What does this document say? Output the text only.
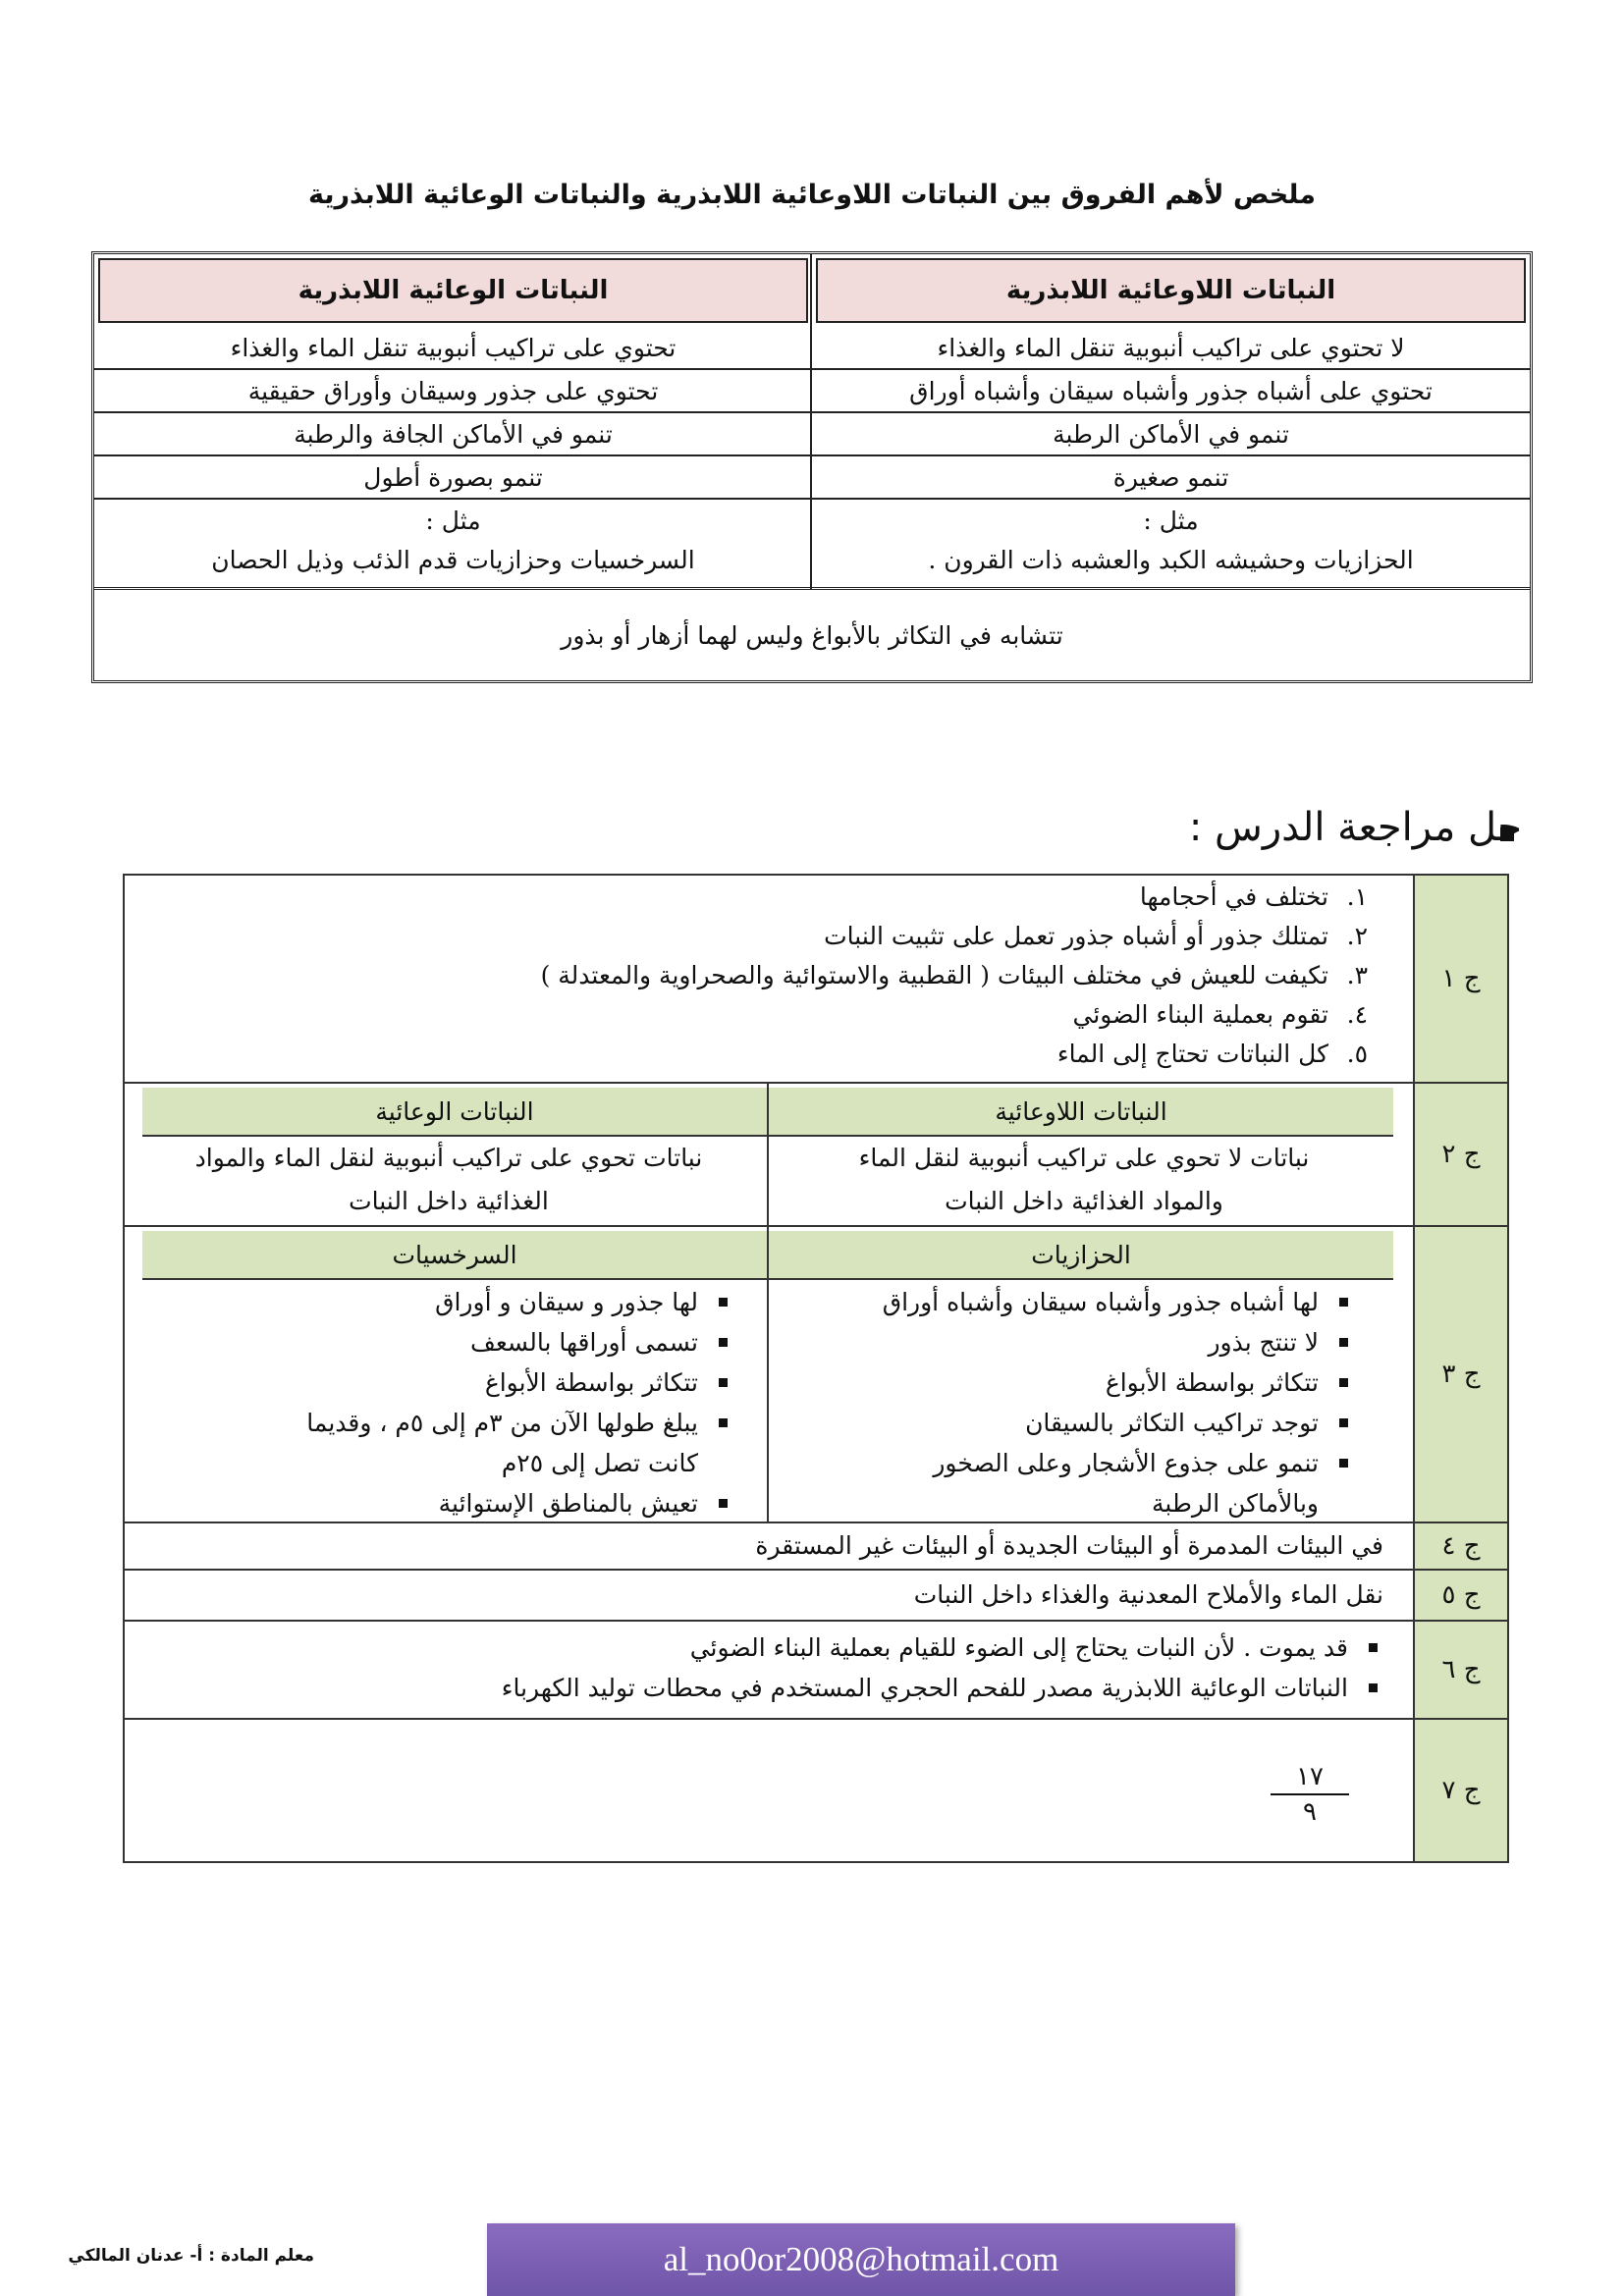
ملخص لأهم الفروق بين النباتات اللاوعائية اللابذرية والنباتات الوعائية اللابذرية
النباتات اللاوعائية اللابذرية
لا تحتوي على تراكيب أنبوبية تنقل الماء والغذاء
تحتوي على أشباه جذور وأشباه سيقان وأشباه أوراق
تنمو في الأماكن الرطبة
تنمو صغيرة
مثل :
الحزازيات وحشيشه الكبد والعشبه ذات القرون .
النباتات الوعائية اللابذرية
تحتوي على تراكيب أنبوبية تنقل الماء والغذاء
تحتوي على جذور وسيقان وأوراق حقيقية
تنمو في الأماكن الجافة والرطبة
تنمو بصورة أطول
مثل :
السرخسيات وحزازيات قدم الذئب وذيل الحصان
تتشابه في التكاثر بالأبواغ وليس لهما أزهار أو بذور
حل مراجعة الدرس :
ج ١
١.تختلف في أحجامها
٢.تمتلك جذور أو أشباه جذور تعمل على تثبيت النبات
٣.تكيفت للعيش في مختلف البيئات ( القطبية والاستوائية والصحراوية والمعتدلة )
٤.تقوم بعملية البناء الضوئي
٥.كل النباتات تحتاج إلى الماء
ج ٢
النباتات اللاوعائية
النباتات الوعائية
نباتات لا تحوي على تراكيب أنبوبية لنقل الماء
والمواد الغذائية داخل النبات
نباتات تحوي على تراكيب أنبوبية لنقل الماء والمواد
الغذائية داخل النبات
ج ٣
الحزازيات
السرخسيات
لها أشباه جذور وأشباه سيقان وأشباه أوراق
لا تنتج بذور
تتكاثر بواسطة الأبواغ
توجد تراكيب التكاثر بالسيقان
تنمو على جذوع الأشجار وعلى الصخور
وبالأماكن الرطبة
لها جذور و سيقان و أوراق
تسمى أوراقها بالسعف
تتكاثر بواسطة الأبواغ
يبلغ طولها الآن من ٣م إلى ٥م ، وقديما
كانت تصل إلى ٢٥م
تعيش بالمناطق الإستوائية
ج ٤
في البيئات المدمرة أو البيئات الجديدة أو البيئات غير المستقرة
ج ٥
نقل الماء والأملاح المعدنية والغذاء داخل النبات
ج ٦
قد يموت . لأن النبات يحتاج إلى الضوء للقيام بعملية البناء الضوئي
النباتات الوعائية اللابذرية مصدر للفحم الحجري المستخدم في محطات توليد الكهرباء
ج ٧
١٧
٩
al_no0or2008@hotmail.com
معلم المادة : أ- عدنان المالكي
